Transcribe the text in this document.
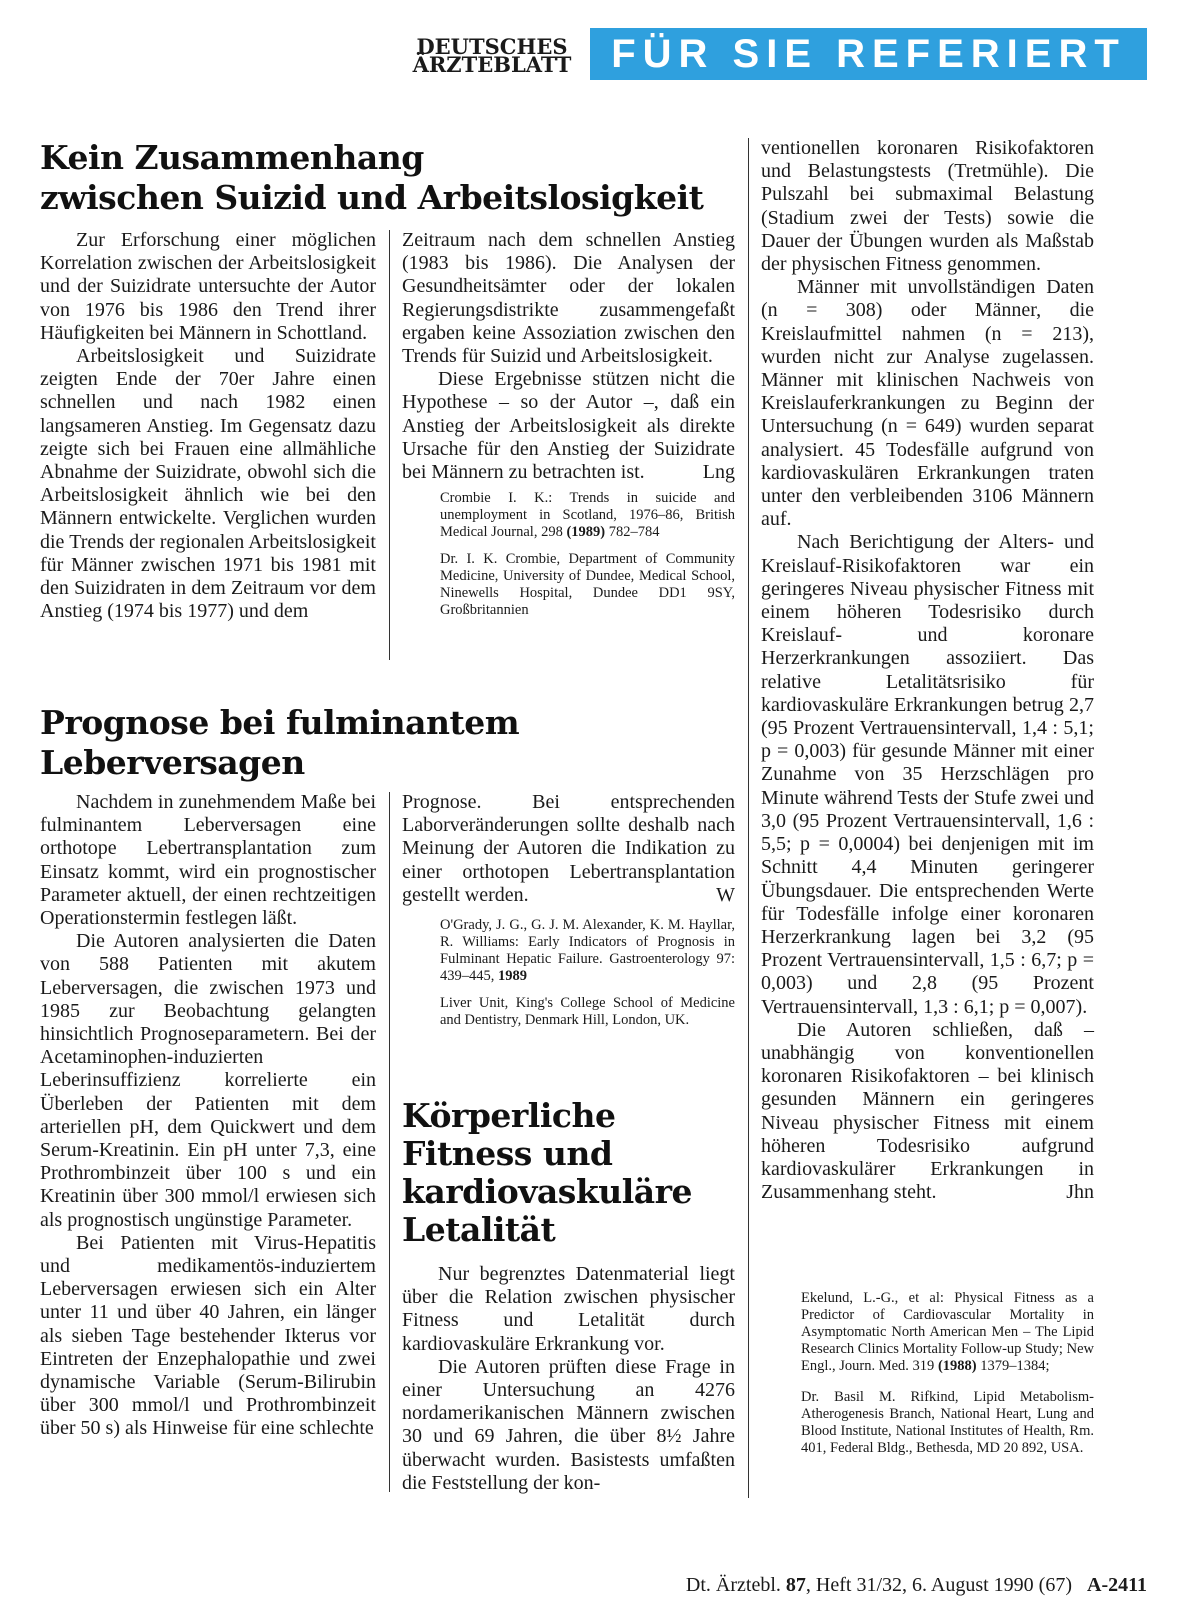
DEUTSCHES
ÄRZTEBLATT FÜR SIE REFERIERT
Kein Zusammenhang
zwischen Suizid und Arbeitslosigkeit

Zur Erforschung einer möglichen Korrelation zwischen der Arbeitslosigkeit und der Suizidrate untersuchte der Autor von 1976 bis 1986 den Trend ihrer Häufigkeiten bei Männern in Schottland.

Arbeitslosigkeit und Suizidrate zeigten Ende der 70er Jahre einen schnellen und nach 1982 einen langsameren Anstieg. Im Gegensatz dazu zeigte sich bei Frauen eine allmähliche Abnahme der Suizidrate, obwohl sich die Arbeitslosigkeit ähnlich wie bei den Männern entwickelte. Verglichen wurden die Trends der regionalen Arbeitslosigkeit für Männer zwischen 1971 bis 1981 mit den Suizidraten in dem Zeitraum vor dem Anstieg (1974 bis 1977) und dem

Zeitraum nach dem schnellen Anstieg (1983 bis 1986). Die Analysen der Gesundheitsämter oder der lokalen Regierungsdistrikte zusammengefaßt ergaben keine Assoziation zwischen den Trends für Suizid und Arbeitslosigkeit.

Diese Ergebnisse stützen nicht die Hypothese – so der Autor –, daß ein Anstieg der Arbeitslosigkeit als direkte Ursache für den Anstieg der Suizidrate bei Männern zu betrachten ist.	Lng

Crombie I. K.: Trends in suicide and unemployment in Scotland, 1976–86, British Medical Journal, 298 (1989) 782–784
Dr. I. K. Crombie, Department of Community Medicine, University of Dundee, Medical School, Ninewells Hospital, Dundee DD1 9SY, Großbritannien
Prognose bei fulminantem
Leberversagen

Nachdem in zunehmendem Maße bei fulminantem Leberversagen eine orthotope Lebertransplantation zum Einsatz kommt, wird ein prognostischer Parameter aktuell, der einen rechtzeitigen Operationstermin festlegen läßt.

Die Autoren analysierten die Daten von 588 Patienten mit akutem Leberversagen, die zwischen 1973 und 1985 zur Beobachtung gelangten hinsichtlich Prognoseparametern. Bei der Acetaminophen-induzierten Leberinsuffizienz korrelierte ein Überleben der Patienten mit dem arteriellen pH, dem Quickwert und dem Serum-Kreatinin. Ein pH unter 7,3, eine Prothrombinzeit über 100 s und ein Kreatinin über 300 mmol/l erwiesen sich als prognostisch ungünstige Parameter.

Bei Patienten mit Virus-Hepatitis und medikamentös-induziertem Leberversagen erwiesen sich ein Alter unter 11 und über 40 Jahren, ein länger als sieben Tage bestehender Ikterus vor Eintreten der Enzephalopathie und zwei dynamische Variable (Serum-Bilirubin über 300 mmol/l und Prothrombinzeit über 50 s) als Hinweise für eine schlechte

Prognose. Bei entsprechenden Laborveränderungen sollte deshalb nach Meinung der Autoren die Indikation zu einer orthotopen Lebertransplantation gestellt werden.	W

O'Grady, J. G., G. J. M. Alexander, K. M. Hayllar, R. Williams: Early Indicators of Prognosis in Fulminant Hepatic Failure. Gastroenterology 97: 439–445, 1989
Liver Unit, King's College School of Medicine and Dentistry, Denmark Hill, London, UK.
Körperliche
Fitness und
kardiovaskuläre
Letalität

Nur begrenztes Datenmaterial liegt über die Relation zwischen physischer Fitness und Letalität durch kardiovaskuläre Erkrankung vor.

Die Autoren prüften diese Frage in einer Untersuchung an 4276 nordamerikanischen Männern zwischen 30 und 69 Jahren, die über 8½ Jahre überwacht wurden. Basistests umfaßten die Feststellung der kon-

ventionellen koronaren Risikofaktoren und Belastungstests (Tretmühle). Die Pulszahl bei submaximal Belastung (Stadium zwei der Tests) sowie die Dauer der Übungen wurden als Maßstab der physischen Fitness genommen.

Männer mit unvollständigen Daten (n = 308) oder Männer, die Kreislaufmittel nahmen (n = 213), wurden nicht zur Analyse zugelassen. Männer mit klinischen Nachweis von Kreislauferkrankungen zu Beginn der Untersuchung (n = 649) wurden separat analysiert. 45 Todesfälle aufgrund von kardiovaskulären Erkrankungen traten unter den verbleibenden 3106 Männern auf.

Nach Berichtigung der Alters- und Kreislauf-Risikofaktoren war ein geringeres Niveau physischer Fitness mit einem höheren Todesrisiko durch Kreislauf- und koronare Herzerkrankungen assoziiert. Das relative Letalitätsrisiko für kardiovaskuläre Erkrankungen betrug 2,7 (95 Prozent Vertrauensintervall, 1,4 : 5,1; p = 0,003) für gesunde Männer mit einer Zunahme von 35 Herzschlägen pro Minute während Tests der Stufe zwei und 3,0 (95 Prozent Vertrauensintervall, 1,6 : 5,5; p = 0,0004) bei denjenigen mit im Schnitt 4,4 Minuten geringerer Übungsdauer. Die entsprechenden Werte für Todesfälle infolge einer koronaren Herzerkrankung lagen bei 3,2 (95 Prozent Vertrauensintervall, 1,5 : 6,7; p = 0,003) und 2,8 (95 Prozent Vertrauensintervall, 1,3 : 6,1; p = 0,007).

Die Autoren schließen, daß – unabhängig von konventionellen koronaren Risikofaktoren – bei klinisch gesunden Männern ein geringeres Niveau physischer Fitness mit einem höheren Todesrisiko aufgrund kardiovaskulärer Erkrankungen in Zusammenhang steht.	Jhn

Ekelund, L.-G., et al: Physical Fitness as a Predictor of Cardiovascular Mortality in Asymptomatic North American Men – The Lipid Research Clinics Mortality Follow-up Study; New Engl., Journ. Med. 319 (1988) 1379–1384;
Dr. Basil M. Rifkind, Lipid Metabolism-Atherogenesis Branch, National Heart, Lung and Blood Institute, National Institutes of Health, Rm. 401, Federal Bldg., Bethesda, MD 20 892, USA.
Dt. Ärztebl. 87, Heft 31/32, 6. August 1990 (67) A-2411
